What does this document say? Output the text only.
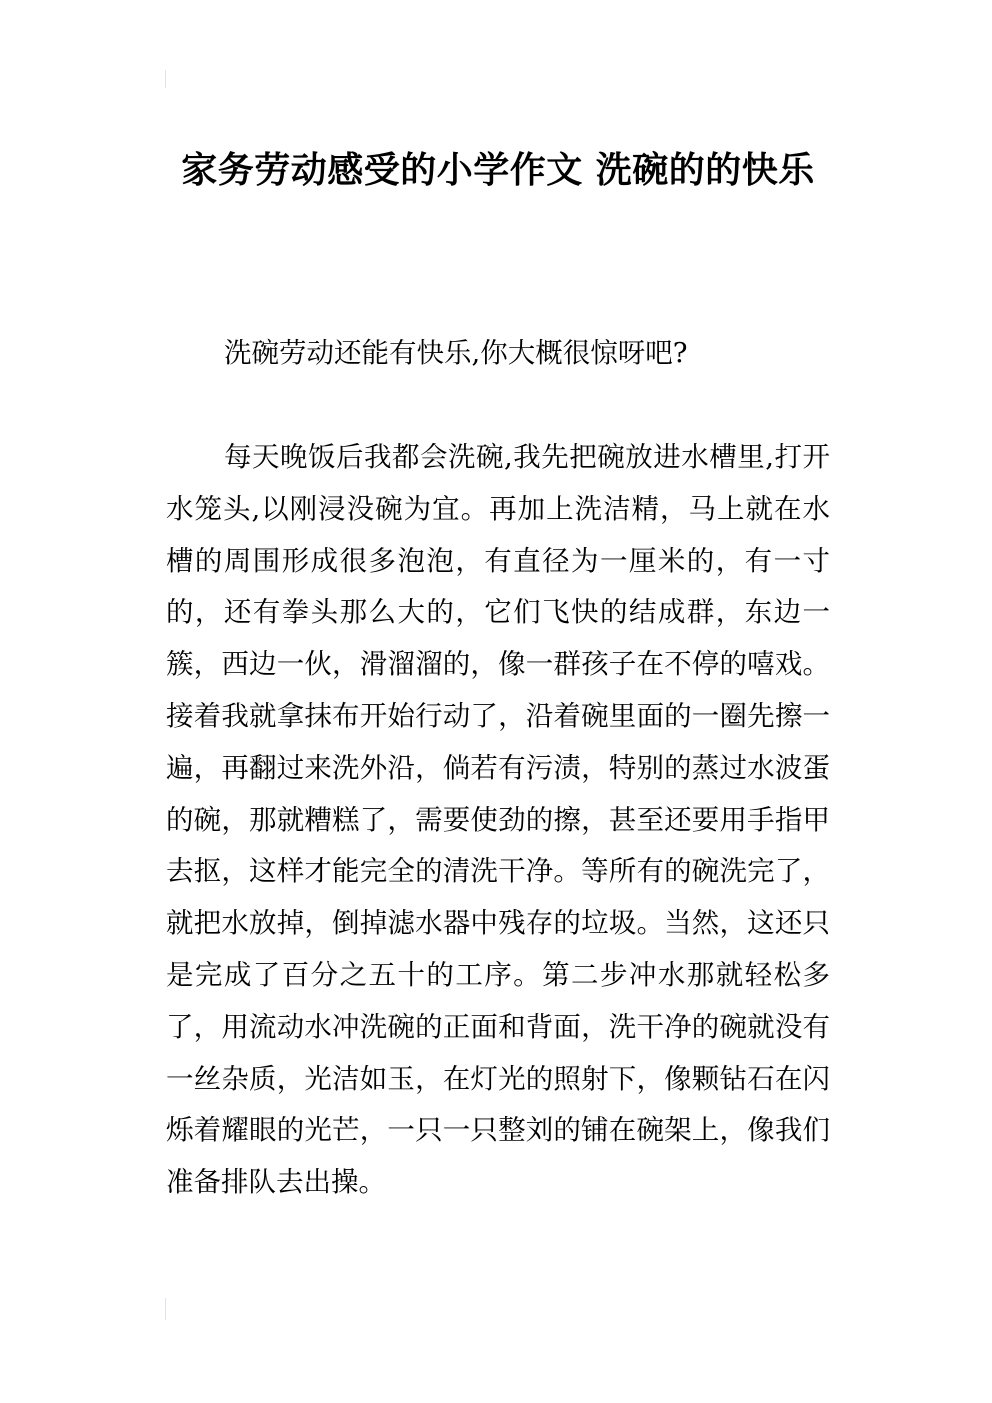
家务劳动感受的小学作文 洗碗的的快乐

洗碗劳动还能有快乐,你大概很惊呀吧?

每天晚饭后我都会洗碗,我先把碗放进水槽里,打开水笼头,以刚浸没碗为宜。再加上洗洁精，马上就在水槽的周围形成很多泡泡，有直径为一厘米的，有一寸的，还有拳头那么大的，它们飞快的结成群，东边一簇，西边一伙，滑溜溜的，像一群孩子在不停的嘻戏。接着我就拿抹布开始行动了，沿着碗里面的一圈先擦一遍，再翻过来洗外沿，倘若有污渍，特别的蒸过水波蛋的碗，那就糟糕了，需要使劲的擦，甚至还要用手指甲去抠，这样才能完全的清洗干净。等所有的碗洗完了，就把水放掉，倒掉滤水器中残存的垃圾。当然，这还只是完成了百分之五十的工序。第二步冲水那就轻松多了，用流动水冲洗碗的正面和背面，洗干净的碗就没有一丝杂质，光洁如玉，在灯光的照射下，像颗钻石在闪烁着耀眼的光芒，一只一只整刘的铺在碗架上，像我们准备排队去出操。
